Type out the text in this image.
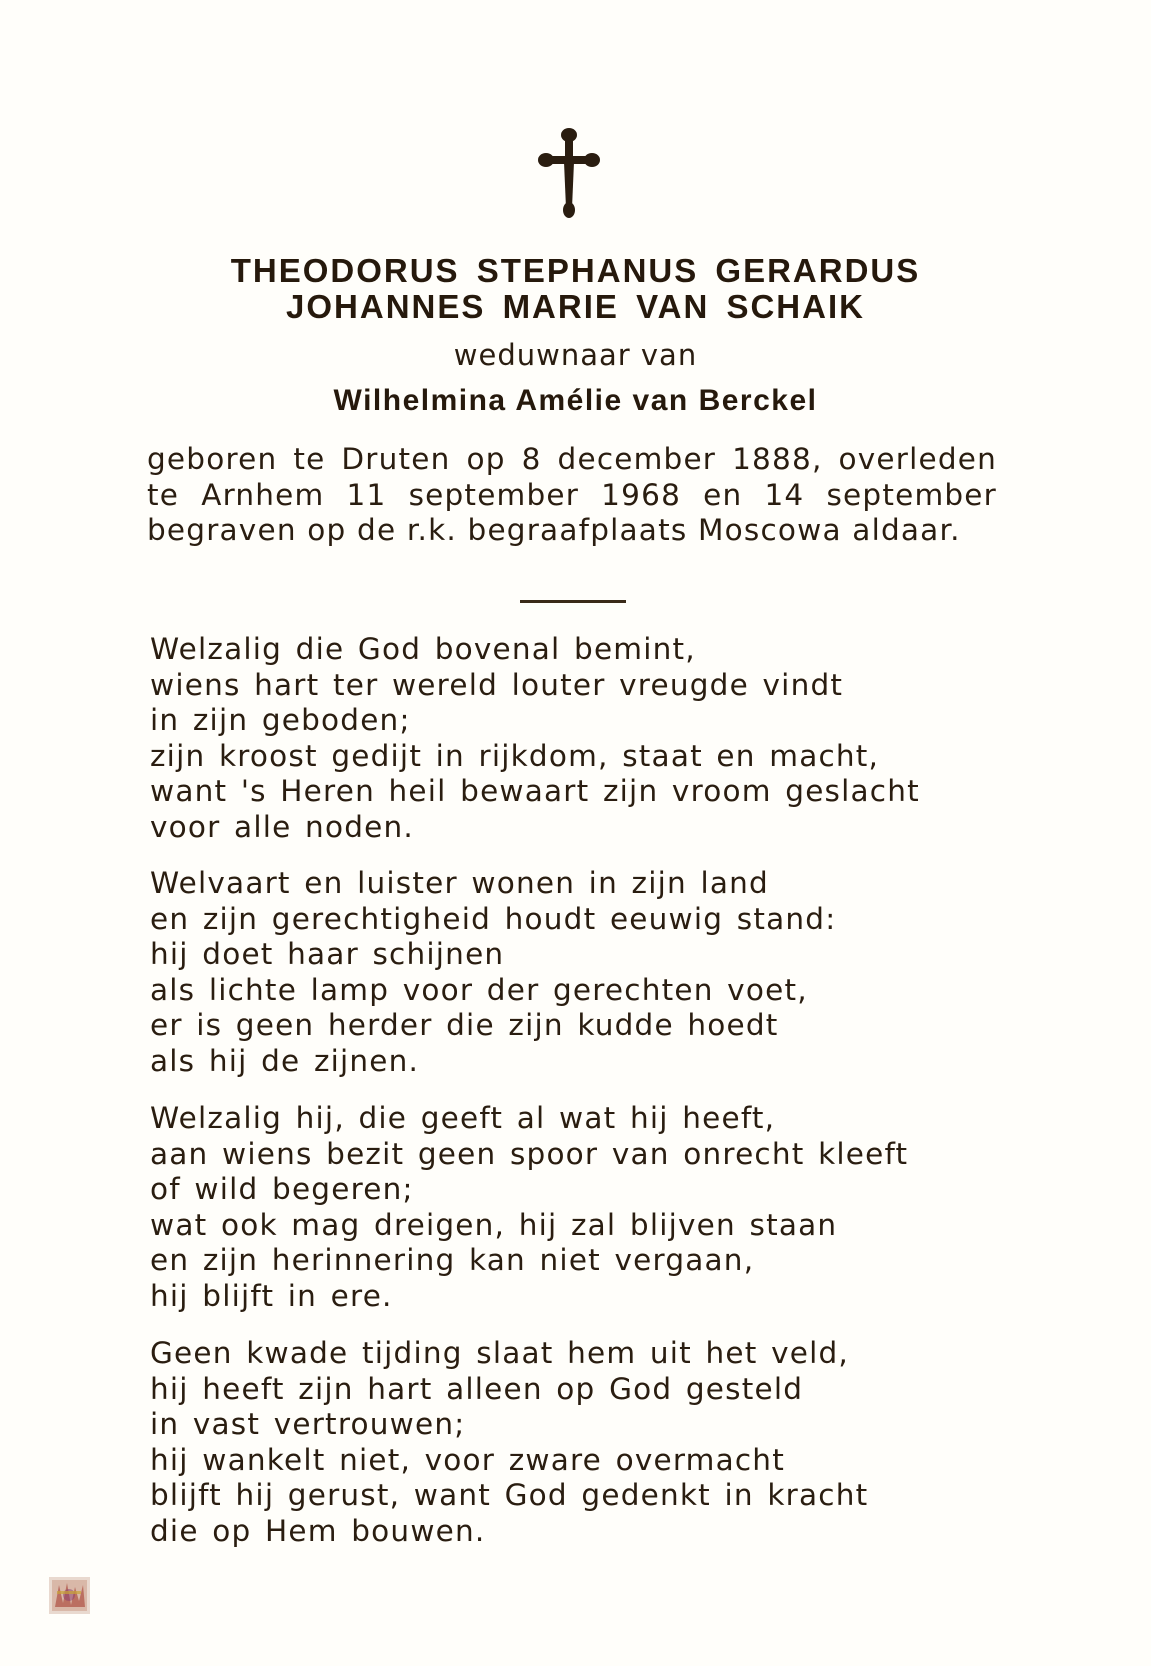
THEODORUS STEPHANUS GERARDUS
JOHANNES MARIE VAN SCHAIK
weduwnaar van
Wilhelmina Amélie van Berckel

geboren te Druten op 8 december 1888, overleden te Arnhem 11 september 1968 en 14 september begraven op de r.k. begraafplaats Moscowa aldaar.

Welzalig die God bovenal bemint,
wiens hart ter wereld louter vreugde vindt
in zijn geboden;
zijn kroost gedijt in rijkdom, staat en macht,
want 's Heren heil bewaart zijn vroom geslacht
voor alle noden.
Welvaart en luister wonen in zijn land
en zijn gerechtigheid houdt eeuwig stand:
hij doet haar schijnen
als lichte lamp voor der gerechten voet,
er is geen herder die zijn kudde hoedt
als hij de zijnen.
Welzalig hij, die geeft al wat hij heeft,
aan wiens bezit geen spoor van onrecht kleeft
of wild begeren;
wat ook mag dreigen, hij zal blijven staan
en zijn herinnering kan niet vergaan,
hij blijft in ere.
Geen kwade tijding slaat hem uit het veld,
hij heeft zijn hart alleen op God gesteld
in vast vertrouwen;
hij wankelt niet, voor zware overmacht
blijft hij gerust, want God gedenkt in kracht
die op Hem bouwen.
